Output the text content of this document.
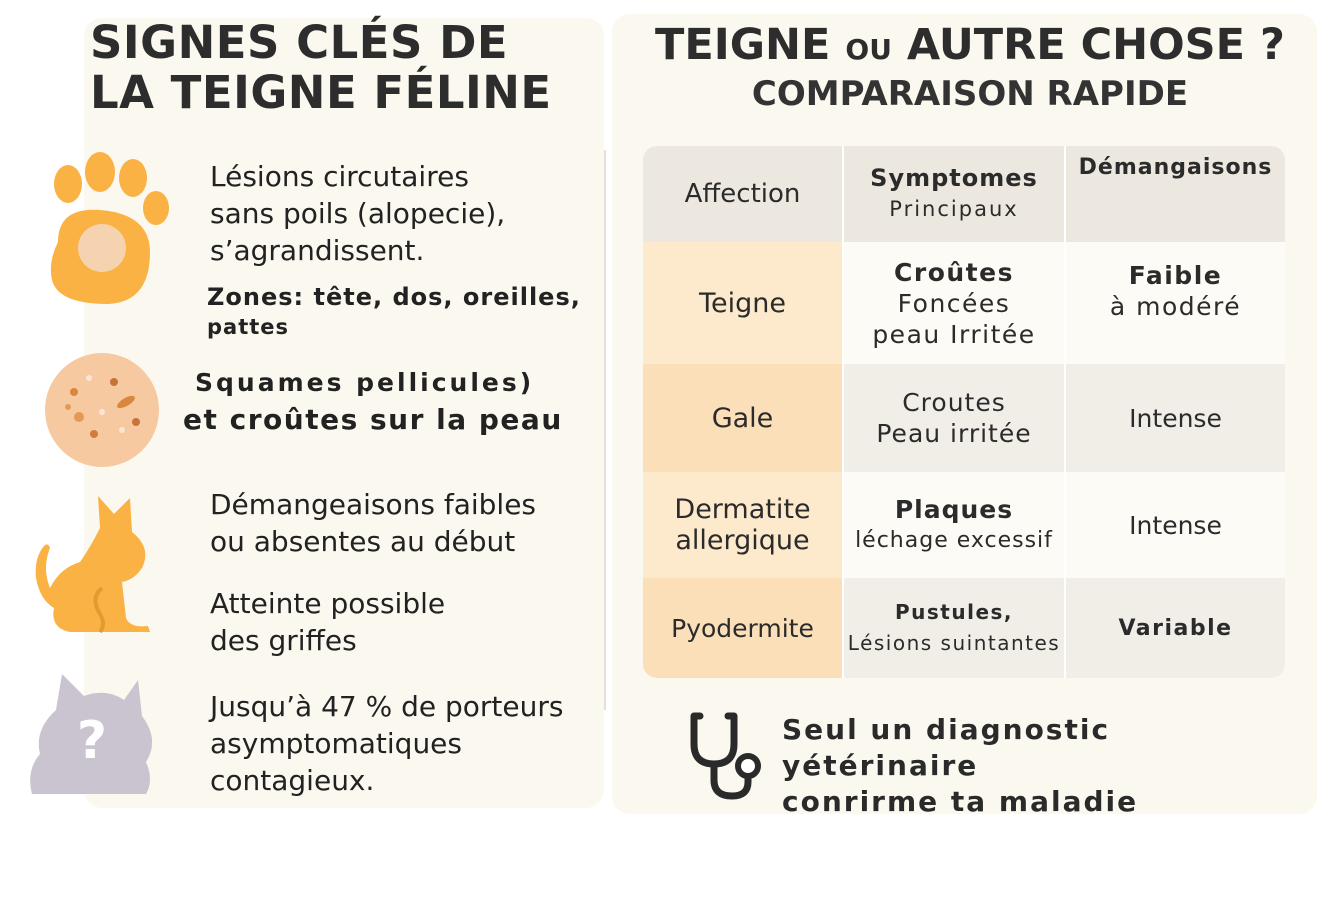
SIGNES CLÉS DE
LA TEIGNE FÉLINE
TEIGNE OU AUTRE CHOSE ?
COMPARAISON RAPIDE
?
Lésions circutaires
sans poils (alopecie),
s’agrandissent.
Zones: tête, dos, oreilles,
pattes
Squames pellicules)
et croûtes sur la peau
Démangeaisons faibles
ou absentes au début
Atteinte possible
des griffes
Jusqu’à 47 % de porteurs
asymptomatiques
contagieux.
Affection
Symptomes
Principaux
Démangaisons
Teigne
Croûtes
Foncées
peau Irritée
Faible
à modéré
Gale	Croutes
Peau irritée
Intense
Dermatite
allergique
Plaques
léchage excessif
Intense
Pyodermite
Pustules,
Lésions suintantes
Variable
Seul un diagnostic yétérinaire
conrirme ta maladie
